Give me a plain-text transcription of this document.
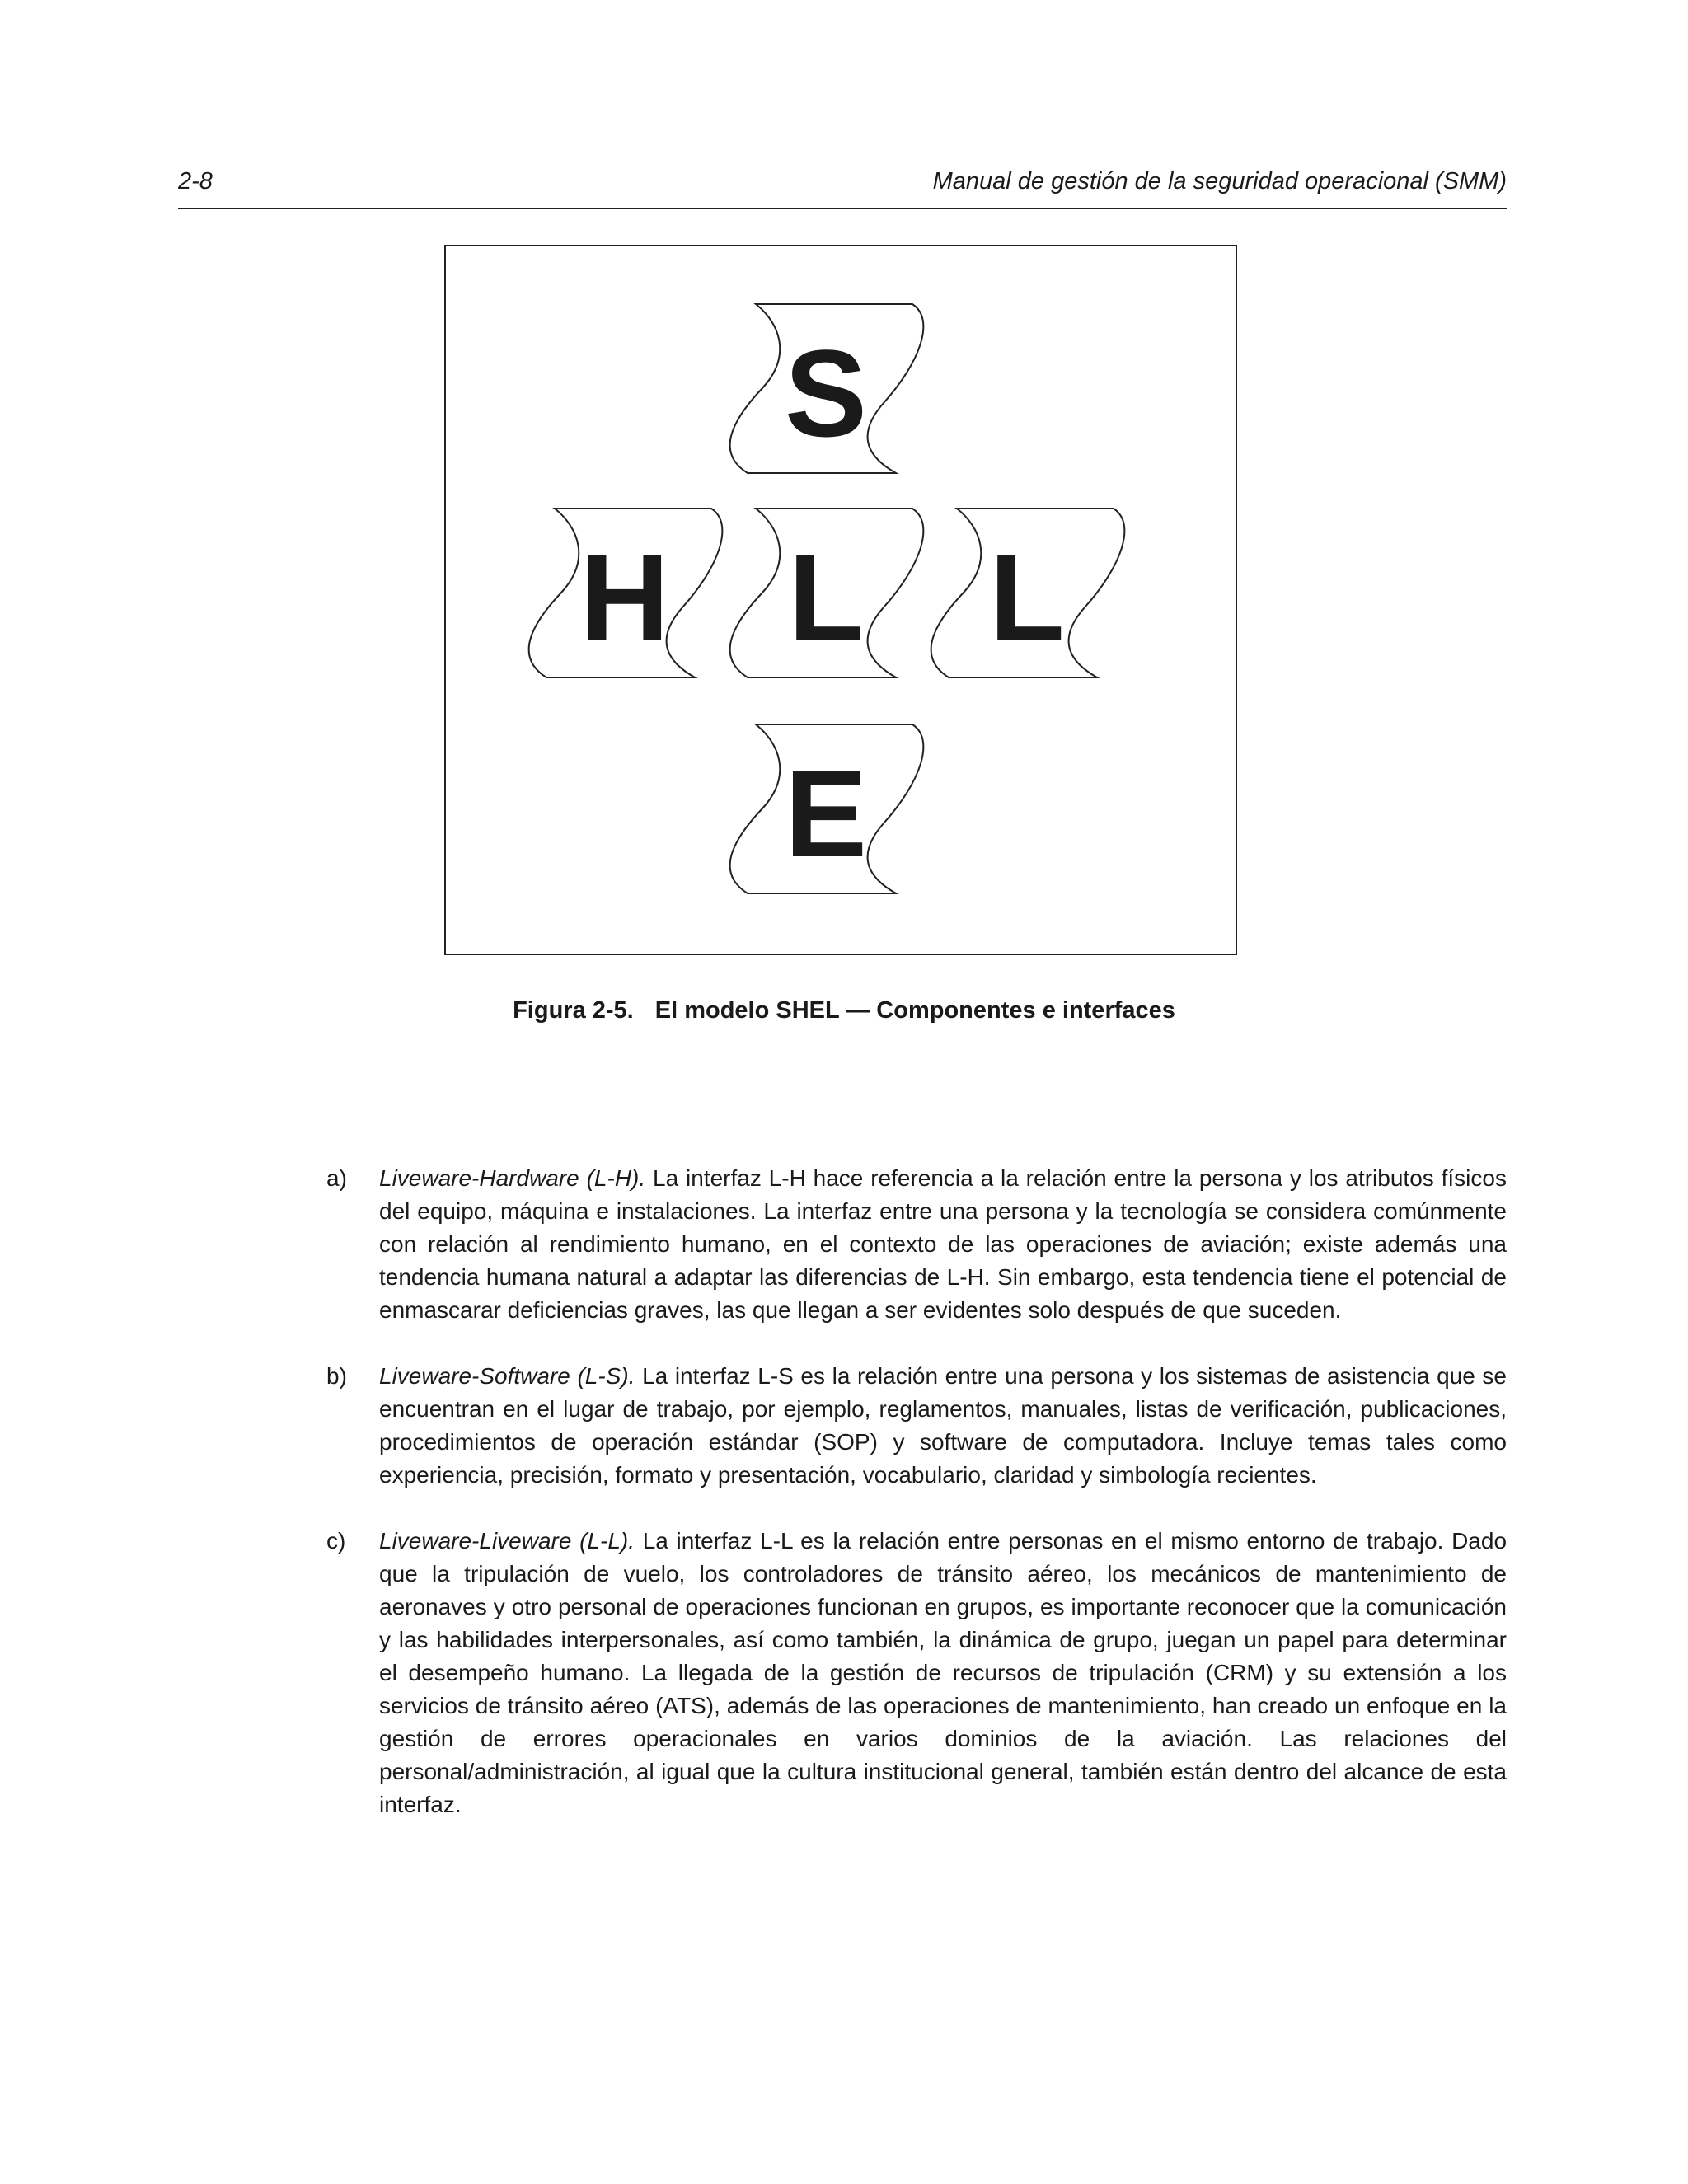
2-8	Manual de gestión de la seguridad operacional (SMM)
S
H L L
E
Figura 2-5. El modelo SHEL — Componentes e interfaces
a) Liveware-Hardware (L-H). La interfaz L-H hace referencia a la relación entre la persona y los atributos físicos del equipo, máquina e instalaciones. La interfaz entre una persona y la tecnología se considera comúnmente con relación al rendimiento humano, en el contexto de las operaciones de aviación; existe además una tendencia humana natural a adaptar las diferencias de L-H. Sin embargo, esta tendencia tiene el potencial de enmascarar deficiencias graves, las que llegan a ser evidentes solo después de que suceden.

b) Liveware-Software (L-S). La interfaz L-S es la relación entre una persona y los sistemas de asistencia que se encuentran en el lugar de trabajo, por ejemplo, reglamentos, manuales, listas de verificación, publicaciones, procedimientos de operación estándar (SOP) y software de computadora. Incluye temas tales como experiencia, precisión, formato y presentación, vocabulario, claridad y simbología recientes.

c) Liveware-Liveware (L-L). La interfaz L-L es la relación entre personas en el mismo entorno de trabajo. Dado que la tripulación de vuelo, los controladores de tránsito aéreo, los mecánicos de mantenimiento de aeronaves y otro personal de operaciones funcionan en grupos, es importante reconocer que la comunicación y las habilidades interpersonales, así como también, la dinámica de grupo, juegan un papel para determinar el desempeño humano. La llegada de la gestión de recursos de tripulación (CRM) y su extensión a los servicios de tránsito aéreo (ATS), además de las operaciones de mantenimiento, han creado un enfoque en la gestión de errores operacionales en varios dominios de la aviación. Las relaciones del personal/administración, al igual que la cultura institucional general, también están dentro del alcance de esta interfaz.
